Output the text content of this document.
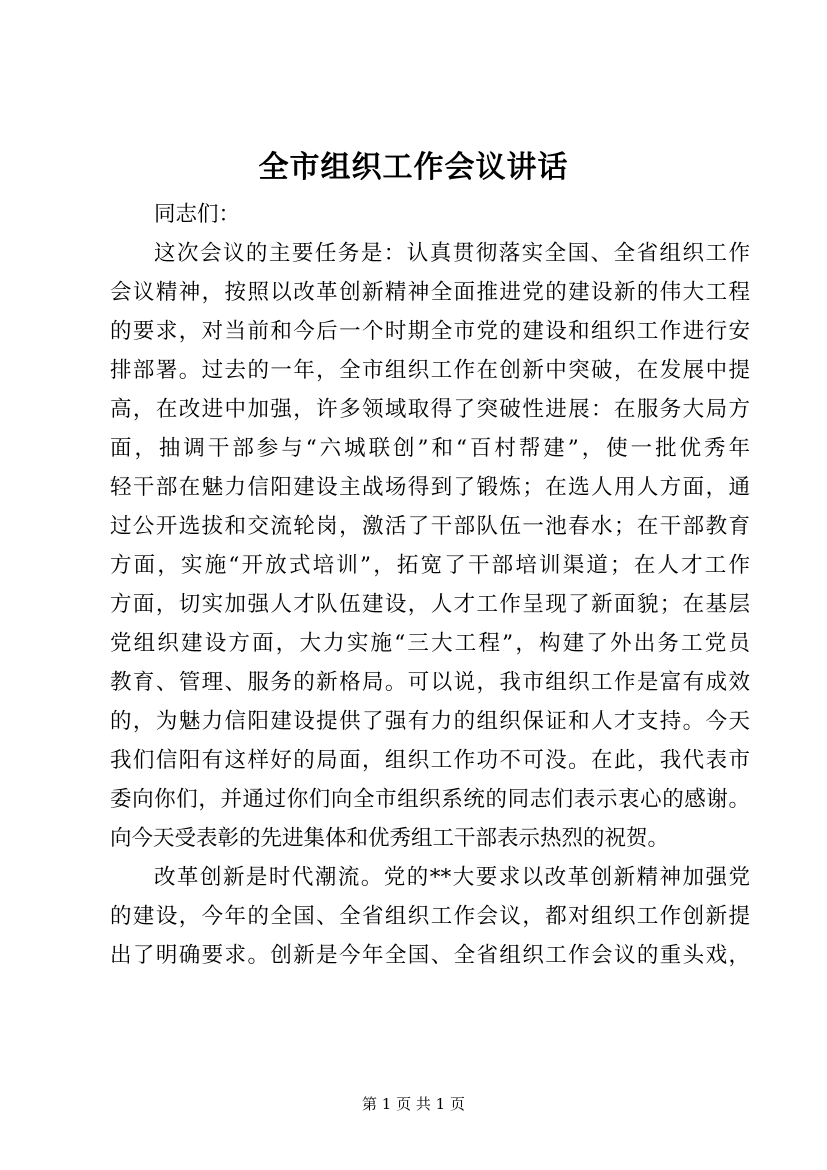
全市组织工作会议讲话
同志们：
这次会议的主要任务是：认真贯彻落实全国、全省组织工作
会议精神，按照以改革创新精神全面推进党的建设新的伟大工程
的要求，对当前和今后一个时期全市党的建设和组织工作进行安
排部署。过去的一年，全市组织工作在创新中突破，在发展中提
高，在改进中加强，许多领域取得了突破性进展：在服务大局方
面，抽调干部参与“六城联创”和“百村帮建”，使一批优秀年
轻干部在魅力信阳建设主战场得到了锻炼；在选人用人方面，通
过公开选拔和交流轮岗，激活了干部队伍一池春水；在干部教育
方面，实施“开放式培训”，拓宽了干部培训渠道；在人才工作
方面，切实加强人才队伍建设，人才工作呈现了新面貌；在基层
党组织建设方面，大力实施“三大工程”，构建了外出务工党员
教育、管理、服务的新格局。可以说，我市组织工作是富有成效
的，为魅力信阳建设提供了强有力的组织保证和人才支持。今天
我们信阳有这样好的局面，组织工作功不可没。在此，我代表市
委向你们，并通过你们向全市组织系统的同志们表示衷心的感谢。
向今天受表彰的先进集体和优秀组工干部表示热烈的祝贺。
改革创新是时代潮流。党的**大要求以改革创新精神加强党
的建设，今年的全国、全省组织工作会议，都对组织工作创新提
出了明确要求。创新是今年全国、全省组织工作会议的重头戏，
第 1 页 共 1 页
